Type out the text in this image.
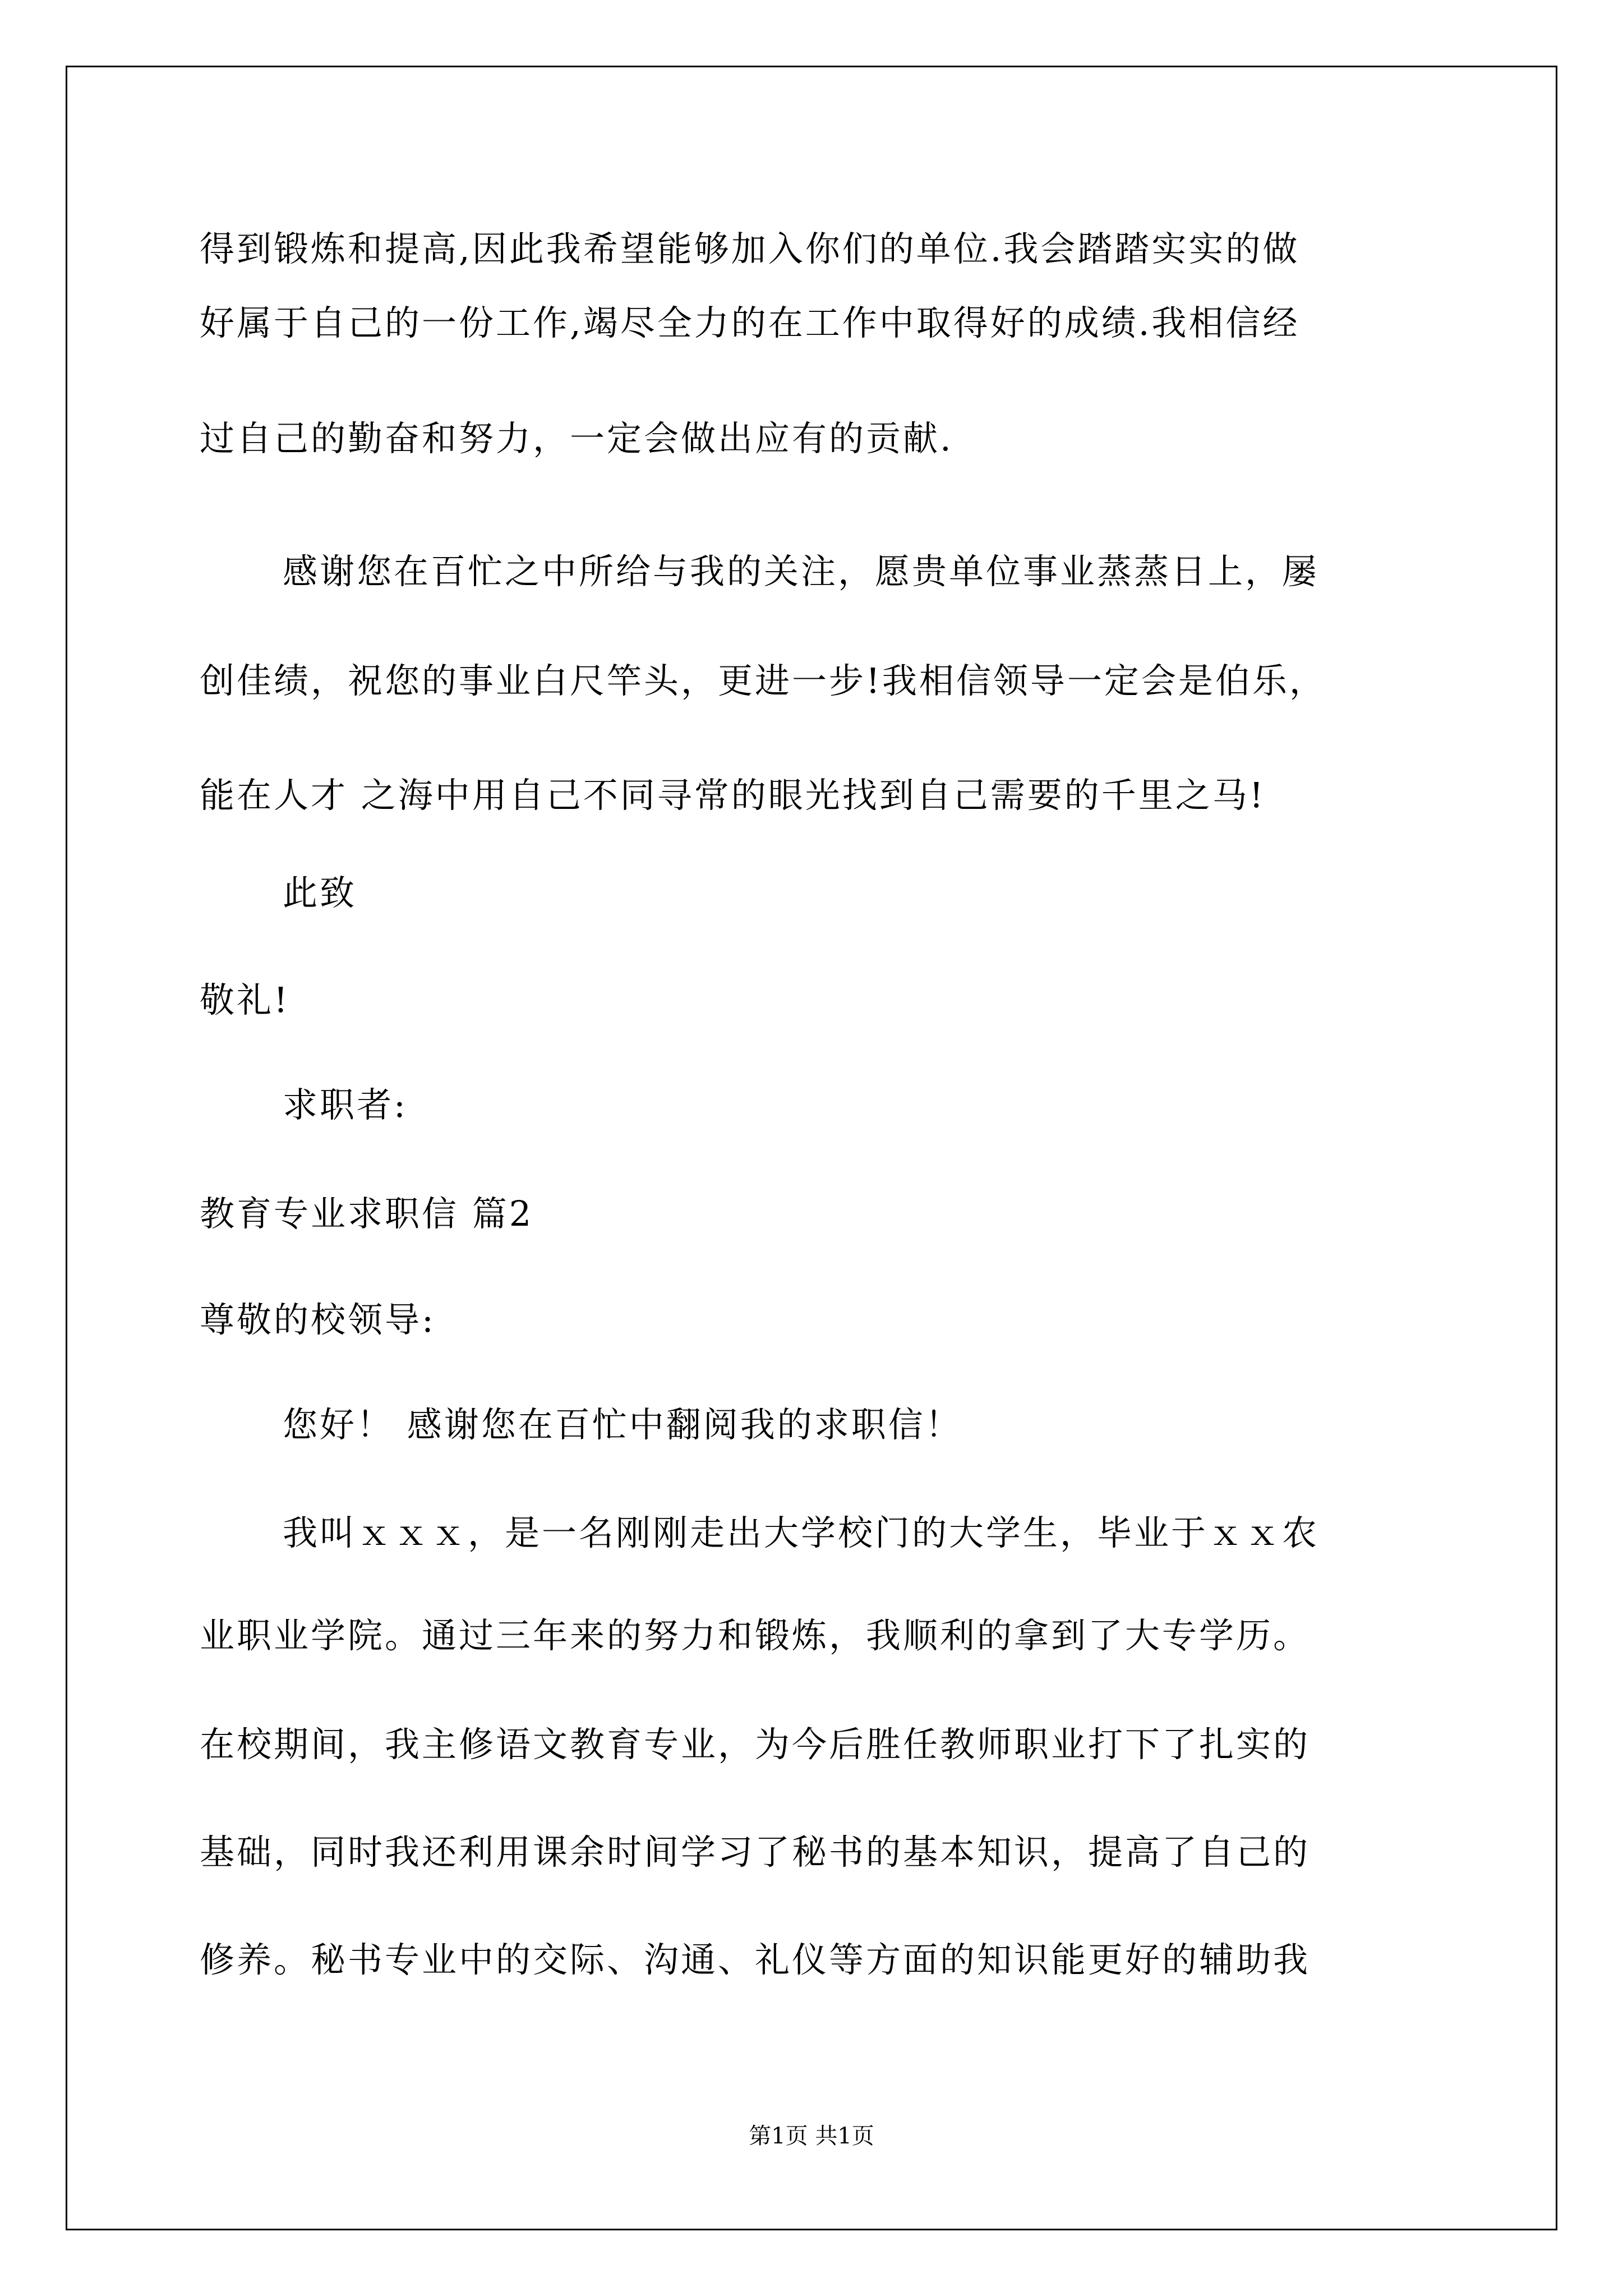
得到锻炼和提高,因此我希望能够加入你们的单位.我会踏踏实实的做
好属于自己的一份工作,竭尽全力的在工作中取得好的成绩.我相信经
过自己的勤奋和努力，一定会做出应有的贡献.
感谢您在百忙之中所给与我的关注，愿贵单位事业蒸蒸日上，屡
创佳绩，祝您的事业白尺竿头，更进一步!我相信领导一定会是伯乐，
能在人才 之海中用自己不同寻常的眼光找到自己需要的千里之马!
此致
敬礼!
求职者:
教育专业求职信 篇2
尊敬的校领导:
您好！ 感谢您在百忙中翻阅我的求职信！
我叫ｘｘｘ，是一名刚刚走出大学校门的大学生，毕业于ｘｘ农
业职业学院。通过三年来的努力和锻炼，我顺利的拿到了大专学历。
在校期间，我主修语文教育专业，为今后胜任教师职业打下了扎实的
基础，同时我还利用课余时间学习了秘书的基本知识，提高了自己的
修养。秘书专业中的交际、沟通、礼仪等方面的知识能更好的辅助我
第1页 共1页
